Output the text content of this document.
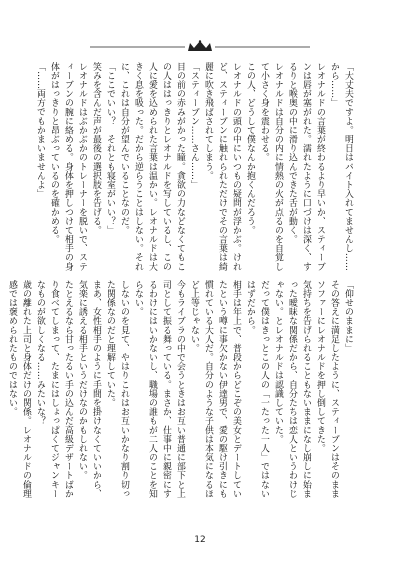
「大丈夫ですよ。明日はバイト入れてませんし……から……」

レオナルドの言葉が終わるより早いか、スティーブンは唇が塞がれた。濡れたように口づけは深く、するりと喉奥の中に滑り込んできた舌が動く。

レオナルドは自分の内に情熱の火が点るのを自覚して小さく身を震わせる。

この人、どうして僕なんか抱くんだろう。

レオナルドの頭の中にいつもの疑問が浮かぶ。けれど、スティーブンに触れられただけでその言葉は綺麗に吹き飛ばされてしまう。

「スティーブン……さん……」

目の前の赤みがかった瞳。貪欲の力などなくてもこの人ははっきりとレオナルドを写しているし、この人に愛を込められた言葉は温かい。レオナルドは大きく息を吸った。だから逆らうことはしない。それに、これは自分が望んでいることなのだ。

「ここでいい？　それとも寝室がいい？」

笑みを含んだ声が最後の選択肢を告げる。

レオナルドはぶかぶかのトレーナーを脱いで、スティーブンの腕に絡める。身体を押しつけて相手の身体がはっきりと昂ぶっているのを確かめる。

「……両方でもかまいませんよ」

「仰せのままに」

その答えに満足したように、スティーブンはそのままソファーにレオナルドを押し倒してきた。

気持ちを告げられることもないままになし崩しに始まった曖昧な関係だから、自分たちは恋人というわけじゃない。とレオナルドは認識していた。

だって僕はきっとこの人の「一たった一人」ではないはずだから。

相手は年上で、普段からどこぞの美女とデートしていたという噂に事欠かない伊達男で、愛の駆け引きにも慣れている大人だ。自分のような子供は本気になるほど上等じゃない。

今もライブラの中で会うときはお互い普通に部下と上司として振る舞っている。まさか、仕事中に親密にするわけにはいかないし、職場の誰もが二人のことを知らない。

しないのを見て、やはりこれはお互いかなり割り切った関係なのだと理解していた。

まあ、女性相手のように手間を掛けなくていいから、気楽に誘える相手というだけなのかもしれない。

たとえるなら甘ったるい手の込んだ高級デザートばかり食べてしまって、たまにはしょっぱくてジャンキーなものが欲しくなる……みたいな？

歳の離れた上司と身体だけの関係。レオナルドの倫理感では褒められたものではない。

12
